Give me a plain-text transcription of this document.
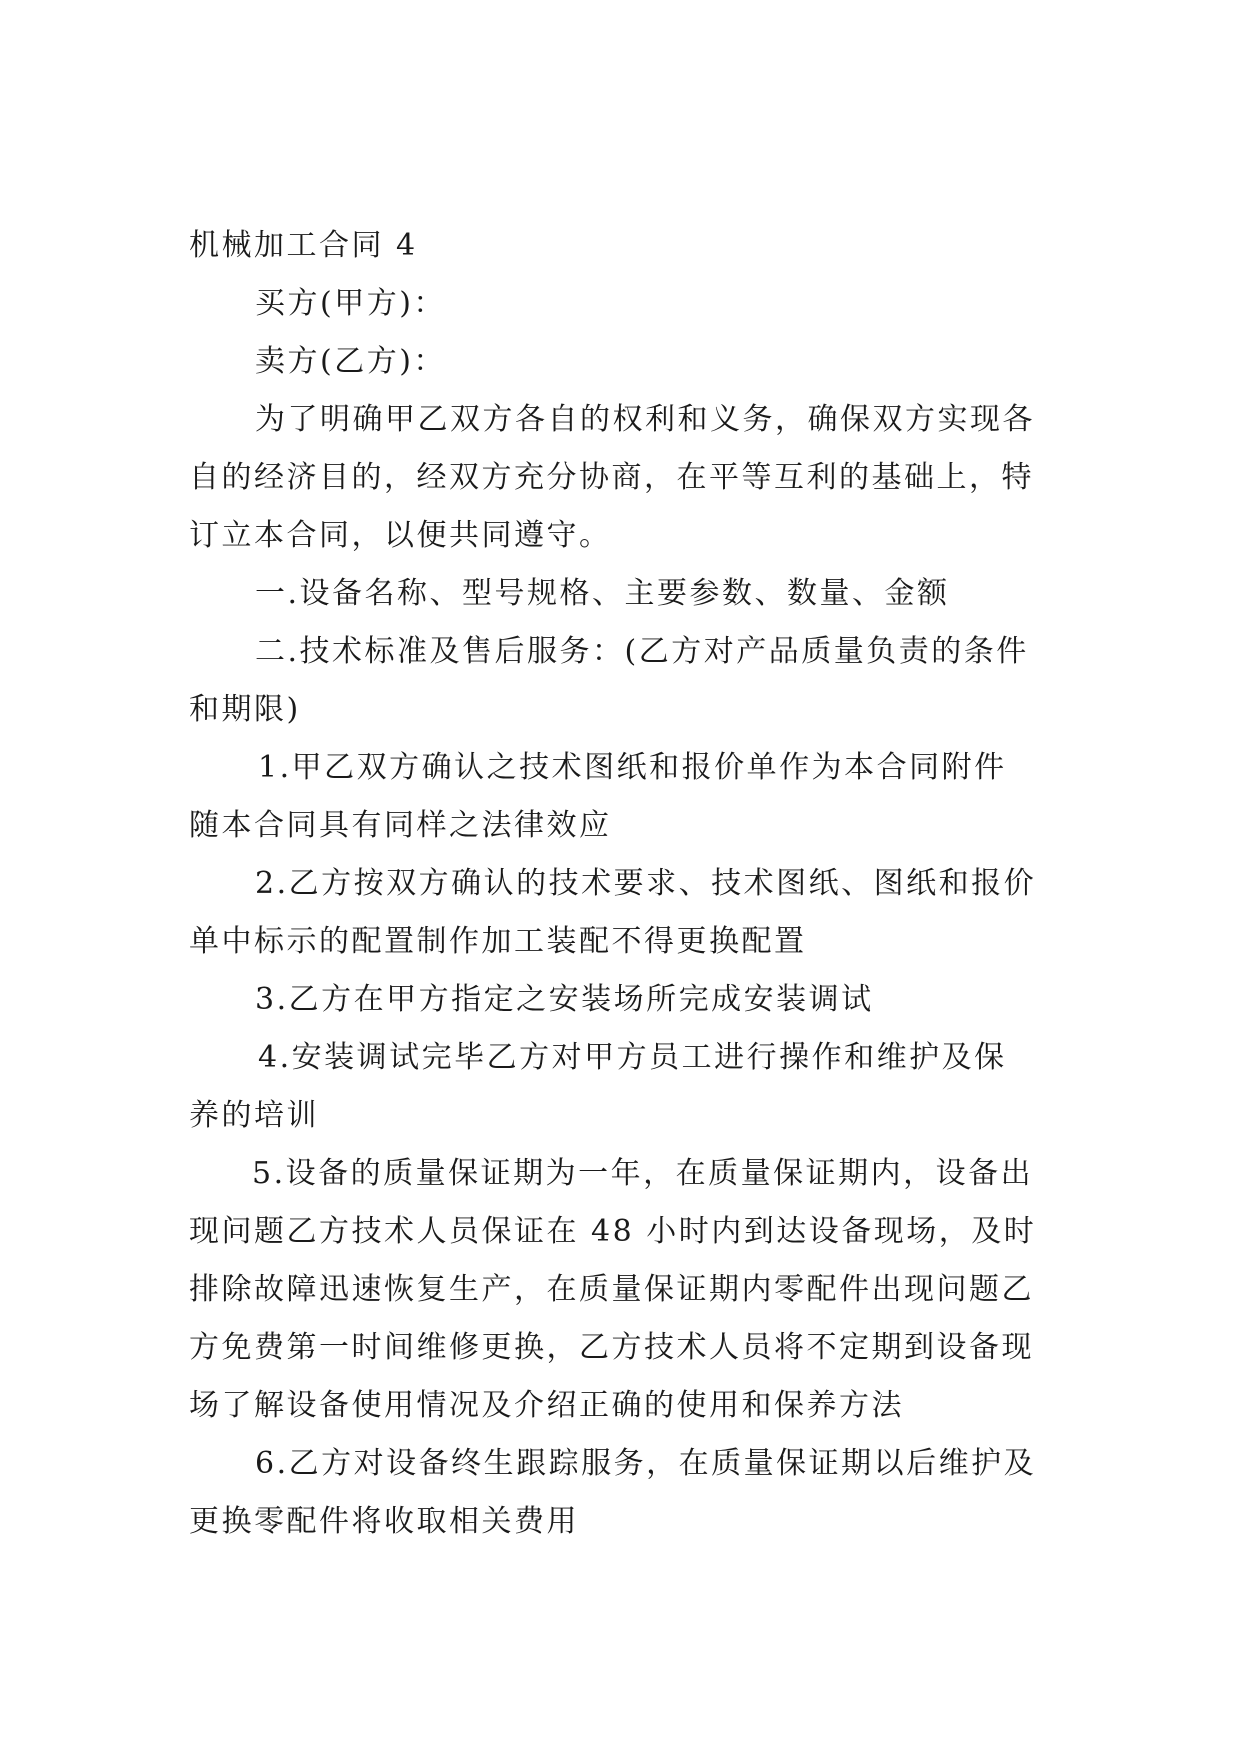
机械加工合同 4

买方(甲方)：

卖方(乙方)：

为了明确甲乙双方各自的权利和义务，确保双方实现各

自的经济目的，经双方充分协商，在平等互利的基础上，特

订立本合同，以便共同遵守。

一.设备名称、型号规格、主要参数、数量、金额

二.技术标准及售后服务：(乙方对产品质量负责的条件

和期限)

1.甲乙双方确认之技术图纸和报价单作为本合同附件

随本合同具有同样之法律效应

2.乙方按双方确认的技术要求、技术图纸、图纸和报价

单中标示的配置制作加工装配不得更换配置

3.乙方在甲方指定之安装场所完成安装调试

4.安装调试完毕乙方对甲方员工进行操作和维护及保

养的培训

5.设备的质量保证期为一年，在质量保证期内，设备出

现问题乙方技术人员保证在 48 小时内到达设备现场，及时

排除故障迅速恢复生产，在质量保证期内零配件出现问题乙

方免费第一时间维修更换，乙方技术人员将不定期到设备现

场了解设备使用情况及介绍正确的使用和保养方法

6.乙方对设备终生跟踪服务，在质量保证期以后维护及

更换零配件将收取相关费用
